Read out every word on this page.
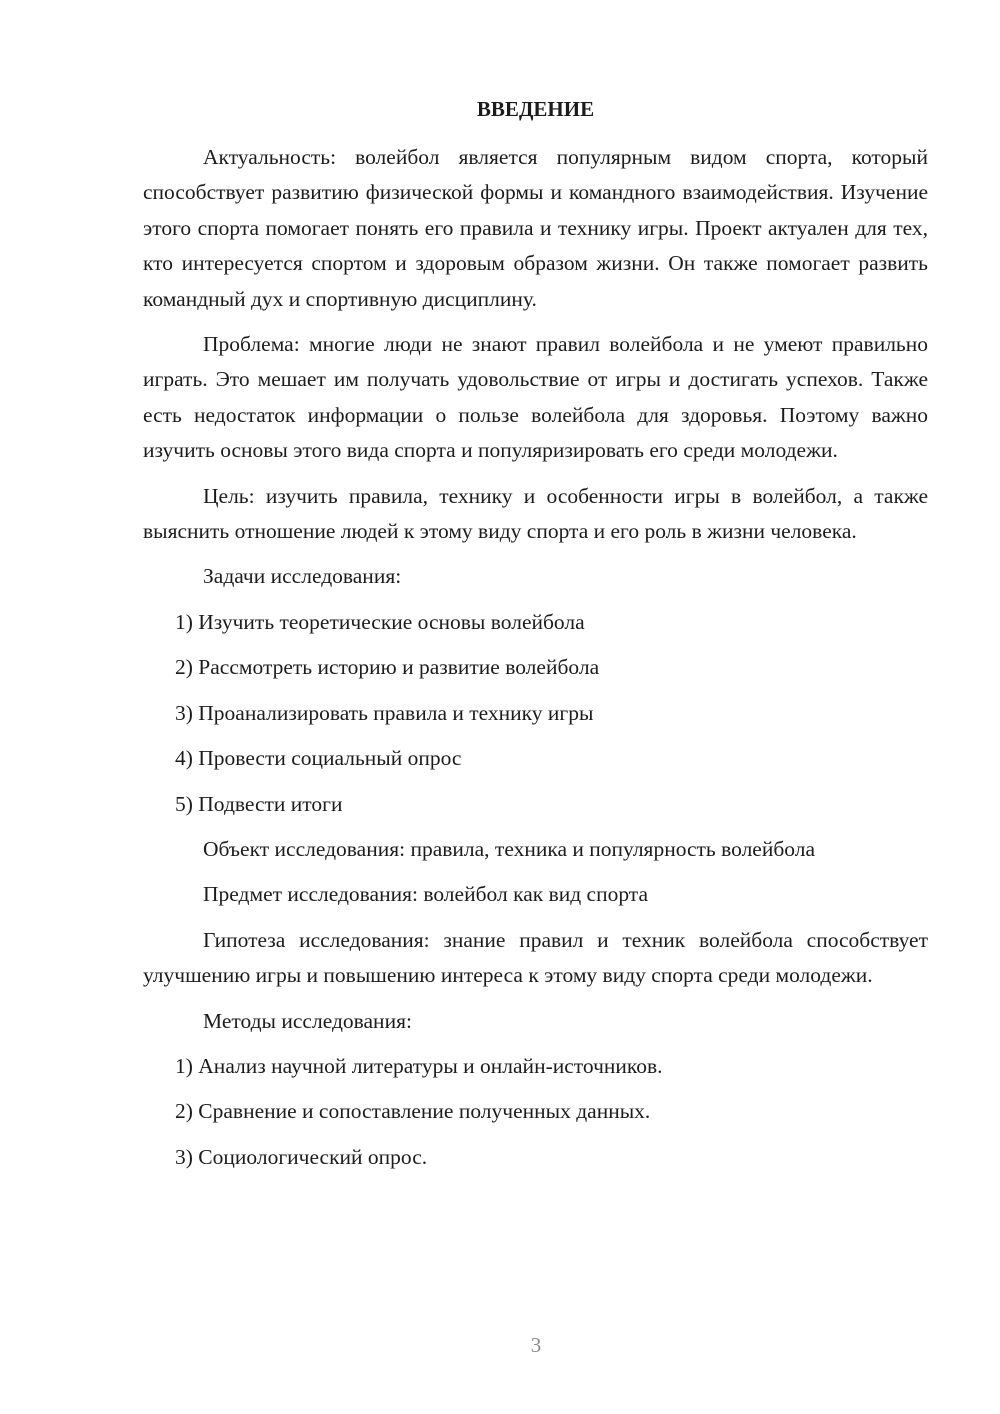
ВВЕДЕНИЕ

Актуальность: волейбол является популярным видом спорта, который способствует развитию физической формы и командного взаимодействия. Изучение этого спорта помогает понять его правила и технику игры. Проект актуален для тех, кто интересуется спортом и здоровым образом жизни. Он также помогает развить командный дух и спортивную дисциплину.

Проблема: многие люди не знают правил волейбола и не умеют правильно играть. Это мешает им получать удовольствие от игры и достигать успехов. Также есть недостаток информации о пользе волейбола для здоровья. Поэтому важно изучить основы этого вида спорта и популяризировать его среди молодежи.

Цель: изучить правила, технику и особенности игры в волейбол, а также выяснить отношение людей к этому виду спорта и его роль в жизни человека.

Задачи исследования:
1) Изучить теоретические основы волейбола
2) Рассмотреть историю и развитие волейбола
3) Проанализировать правила и технику игры
4) Провести социальный опрос
5) Подвести итоги
Объект исследования: правила, техника и популярность волейбола
Предмет исследования: волейбол как вид спорта

Гипотеза исследования: знание правил и техник волейбола способствует улучшению игры и повышению интереса к этому виду спорта среди молодежи.

Методы исследования:
1) Анализ научной литературы и онлайн-источников.
2) Сравнение и сопоставление полученных данных.
3) Социологический опрос.
3
